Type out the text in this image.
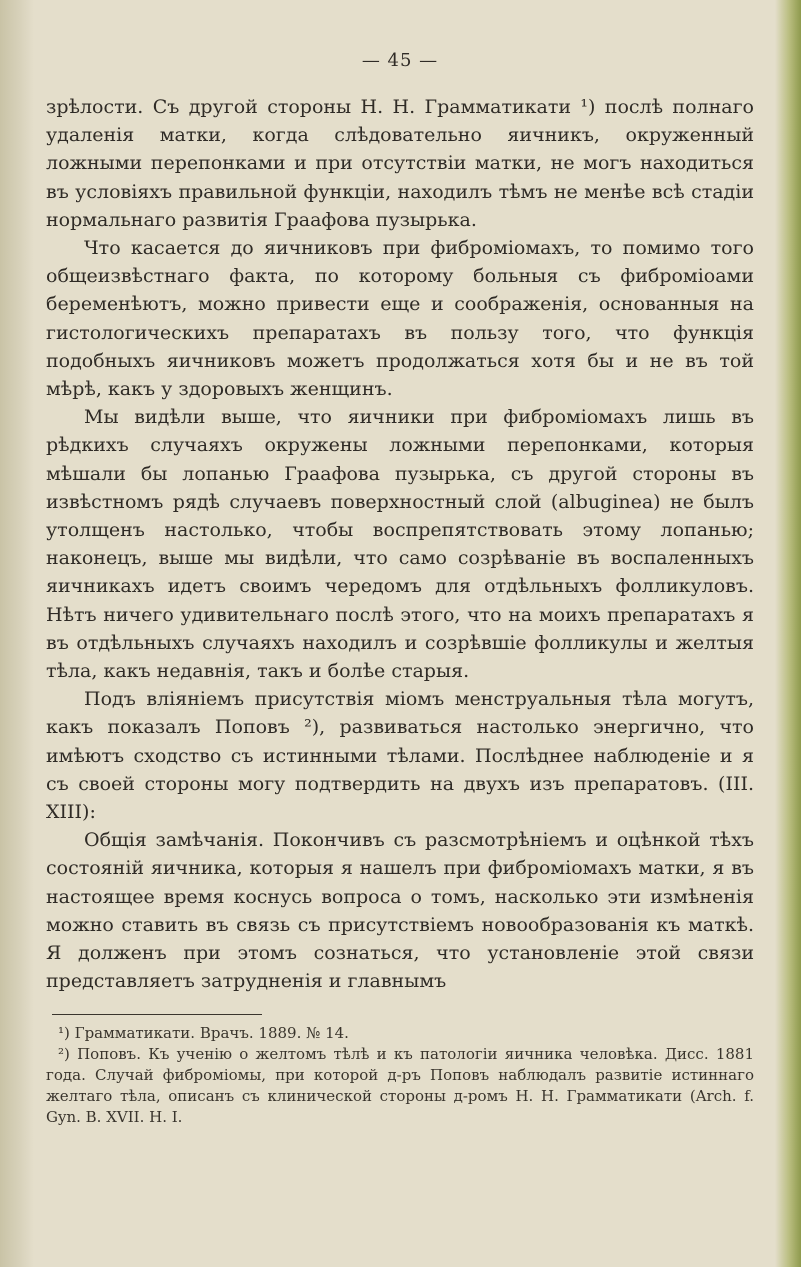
— 45 —

зрѣлости. Съ другой стороны Н. Н. Грамматикати ¹) послѣ полнаго удаленія матки, когда слѣдовательно яичникъ, окруженный ложными перепонками и при отсутствіи матки, не могъ находиться въ условіяхъ правильной функціи, находилъ тѣмъ не менѣе всѣ стадіи нормальнаго развитія Граафова пузырька.

Что касается до яичниковъ при фиброміомахъ, то помимо того общеизвѣстнаго факта, по которому больныя съ фиброміоами беременѣютъ, можно привести еще и соображенія, основанныя на гистологическихъ препаратахъ въ пользу того, что функція подобныхъ яичниковъ можетъ продолжаться хотя бы и не въ той мѣрѣ, какъ у здоровыхъ женщинъ.

Мы видѣли выше, что яичники при фиброміомахъ лишь въ рѣдкихъ случаяхъ окружены ложными перепонками, которыя мѣшали бы лопанью Граафова пузырька, съ другой стороны въ извѣстномъ рядѣ случаевъ поверхностный слой (albugіnea) не былъ утолщенъ настолько, чтобы воспрепятствовать этому лопанью; наконецъ, выше мы видѣли, что само созрѣваніе въ воспаленныхъ яичникахъ идетъ своимъ чередомъ для отдѣльныхъ фолликуловъ. Нѣтъ ничего удивительнаго послѣ этого, что на моихъ препаратахъ я въ отдѣльныхъ случаяхъ находилъ и созрѣвшіе фолликулы и желтыя тѣла, какъ недавнія, такъ и болѣе старыя.

Подъ вліяніемъ присутствія міомъ менструальныя тѣла могутъ, какъ показалъ Поповъ ²), развиваться настолько энергично, что имѣютъ сходство съ истинными тѣлами. Послѣднее наблюденіе и я съ своей стороны могу подтвердить на двухъ изъ препаратовъ. (III. XIII):

Общія замѣчанія. Покончивъ съ разсмотрѣніемъ и оцѣнкой тѣхъ состояній яичника, которыя я нашелъ при фиброміомахъ матки, я въ настоящее время коснусь вопроса о томъ, насколько эти измѣненія можно ставить въ связь съ присутствіемъ новообразованія къ маткѣ. Я долженъ при этомъ сознаться, что установленіе этой связи представляетъ затрудненія и главнымъ

¹) Грамматикати. Врачъ. 1889. № 14.

²) Поповъ. Къ ученію о желтомъ тѣлѣ и къ патологіи яичника человѣка. Дисс. 1881 года. Случай фиброміомы, при которой д-ръ Поповъ наблюдалъ развитіе истиннаго желтаго тѣла, описанъ съ клинической стороны д-ромъ Н. Н. Грамматикати (Arch. f. Gyn. B. XVII. H. I.
